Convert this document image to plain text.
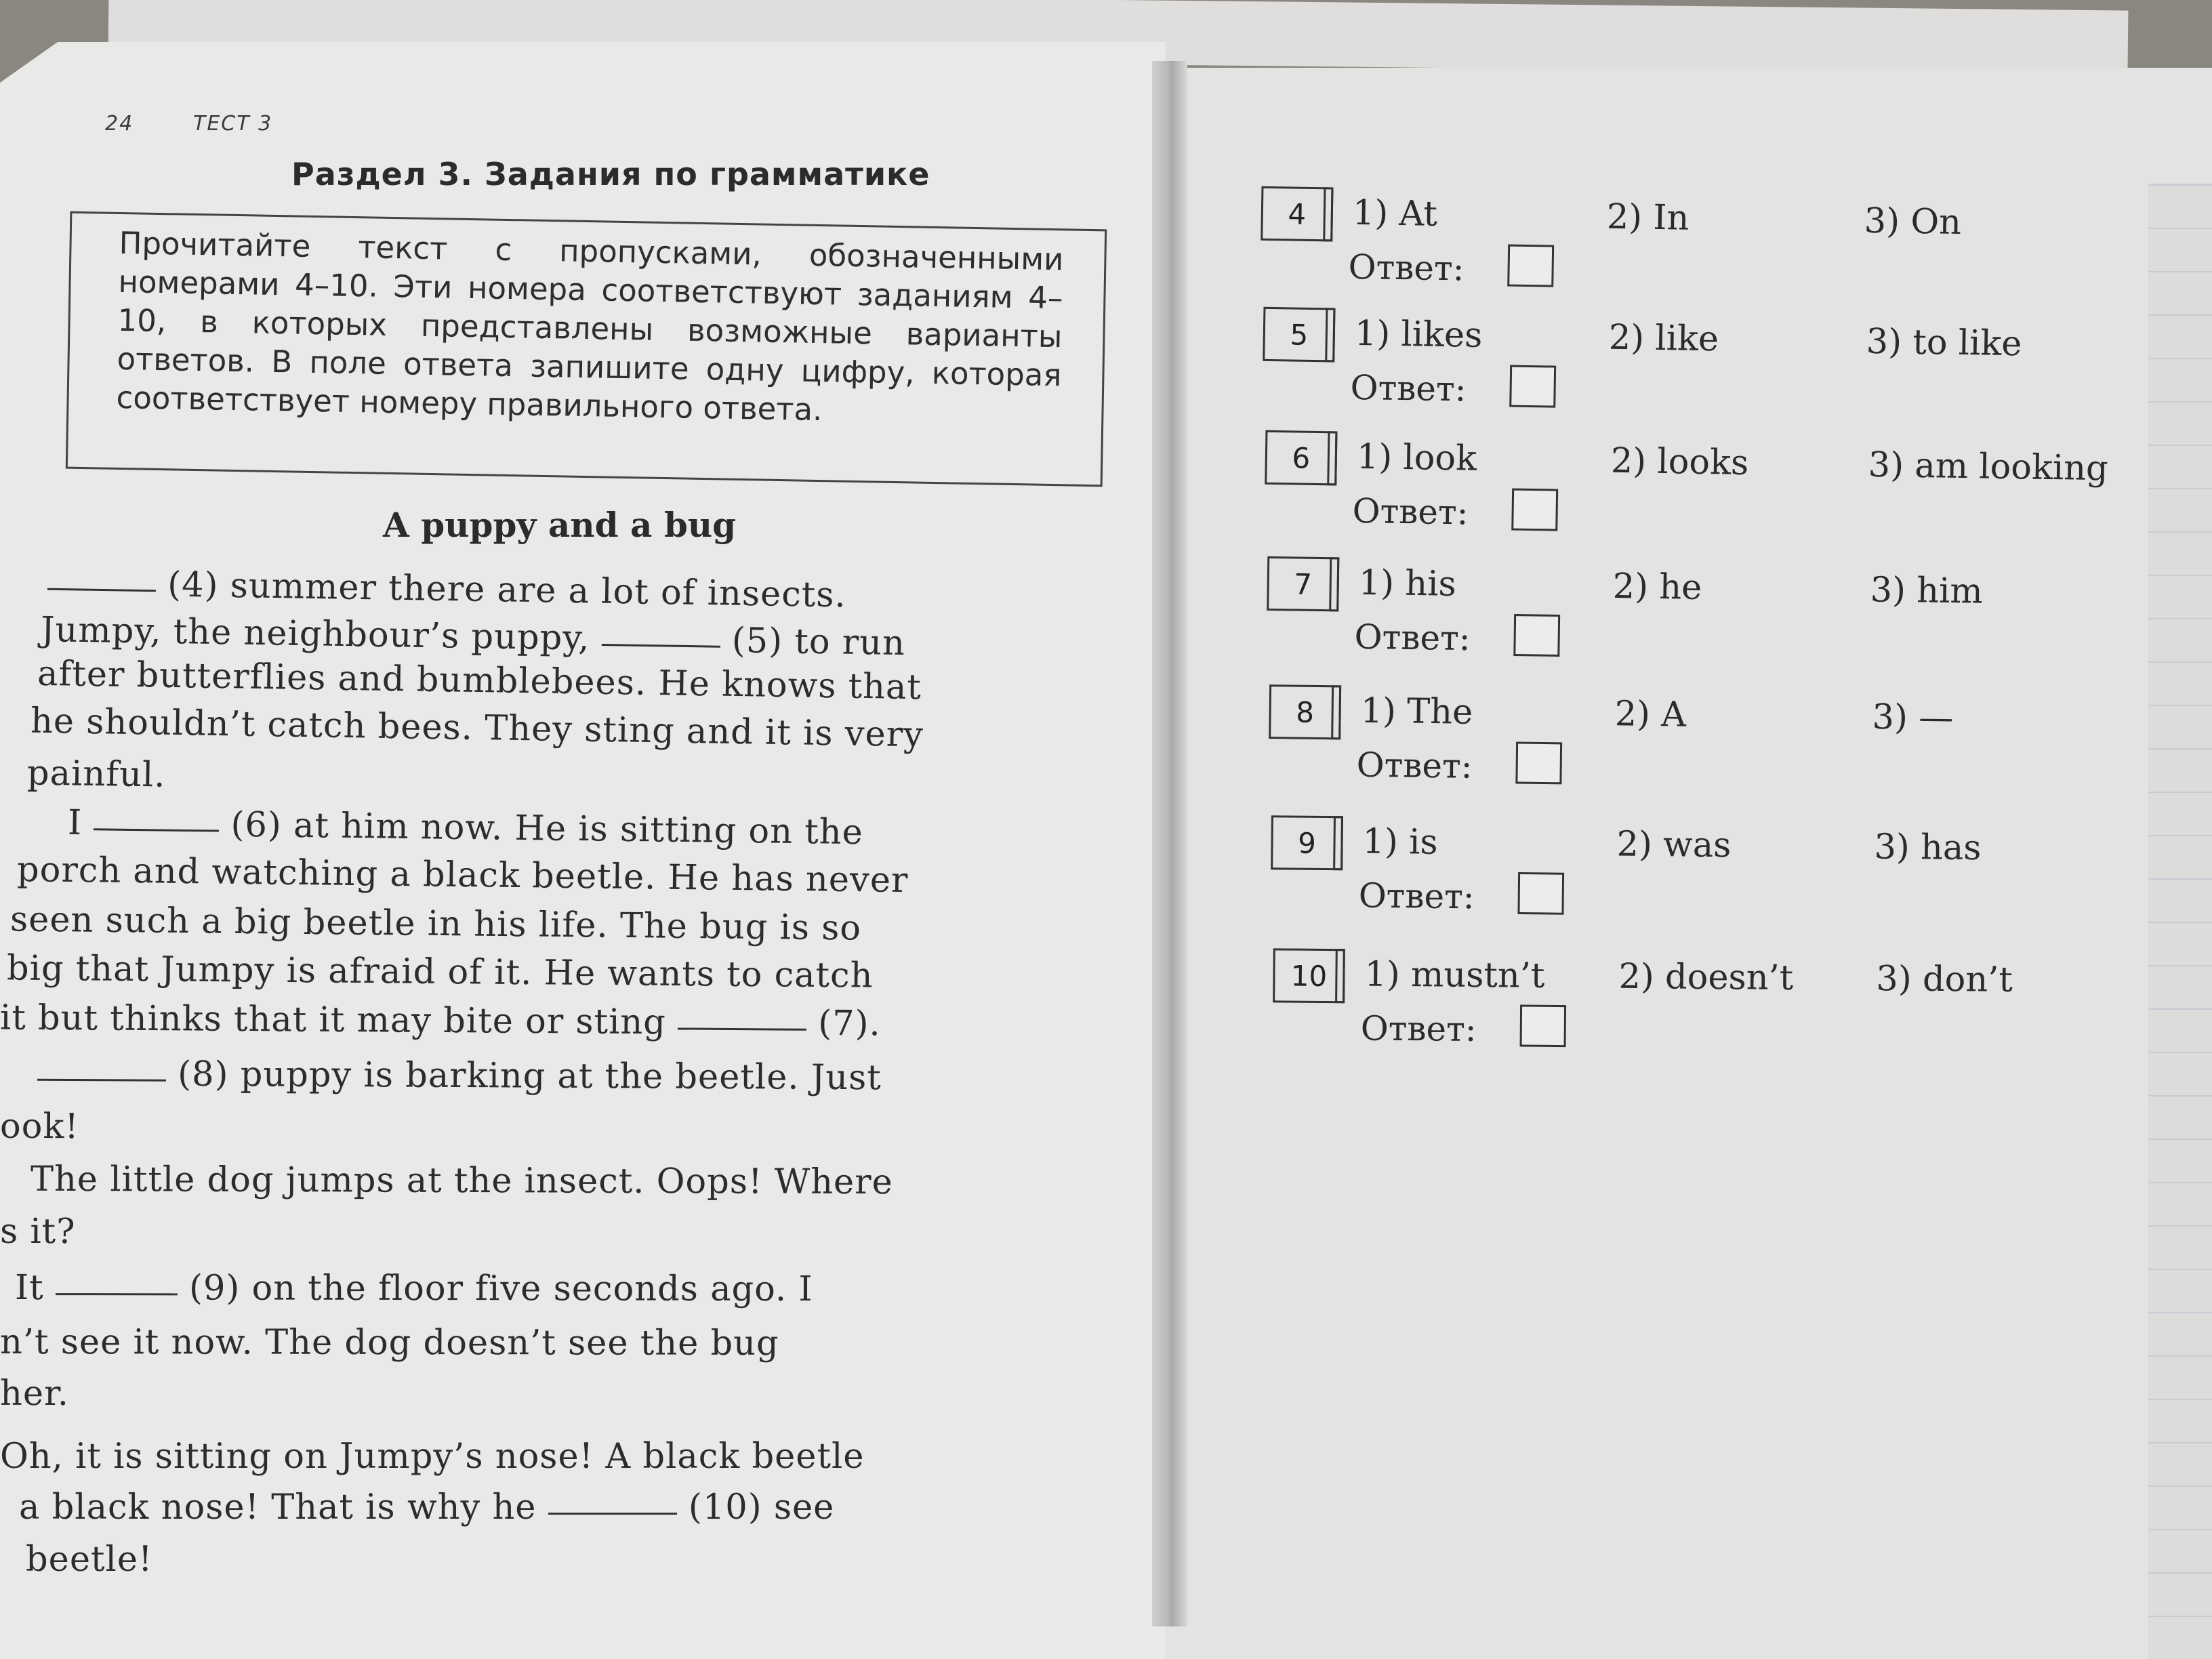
24	ТЕСТ 3
Раздел 3. Задания по грамматике
Прочитайте текст с пропусками, обозначенными номерами 4–10. Эти номера соответствуют заданиям 4–10, в которых представлены возможные варианты ответов. В поле ответа запишите одну цифру, которая соответствует номеру правильного ответа.
A puppy and a bug
(4) summer there are a lot of insects.
Jumpy, the neighbour’s puppy,	(5) to run
after butterflies and bumblebees. He knows that
he shouldn’t catch bees. They sting and it is very
painful.
I	(6) at him now. He is sitting on the
porch and watching a black beetle. He has never
seen such a big beetle in his life. The bug is so
big that Jumpy is afraid of it. He wants to catch
it but thinks that it may bite or sting	(7).
(8) puppy is barking at the beetle. Just
ook!
The little dog jumps at the insect. Oops! Where
s it?
It	(9) on the floor five seconds ago. I
n’t see it now. The dog doesn’t see the bug
her.
Oh, it is sitting on Jumpy’s nose! A black beetle
a black nose! That is why he	(10) see
beetle!
4	1) At	2) In	3) On
Ответ:
5	1) likes	2) like	3) to like
Ответ:
6	1) look	2) looks	3) am looking
Ответ:
7	1) his	2) he	3) him
Ответ:
8	1) The	2) A	3) —
Ответ:
9	1) is	2) was	3) has
Ответ:
10	1) mustn’t 2) doesn’t 3) don’t
Ответ:
